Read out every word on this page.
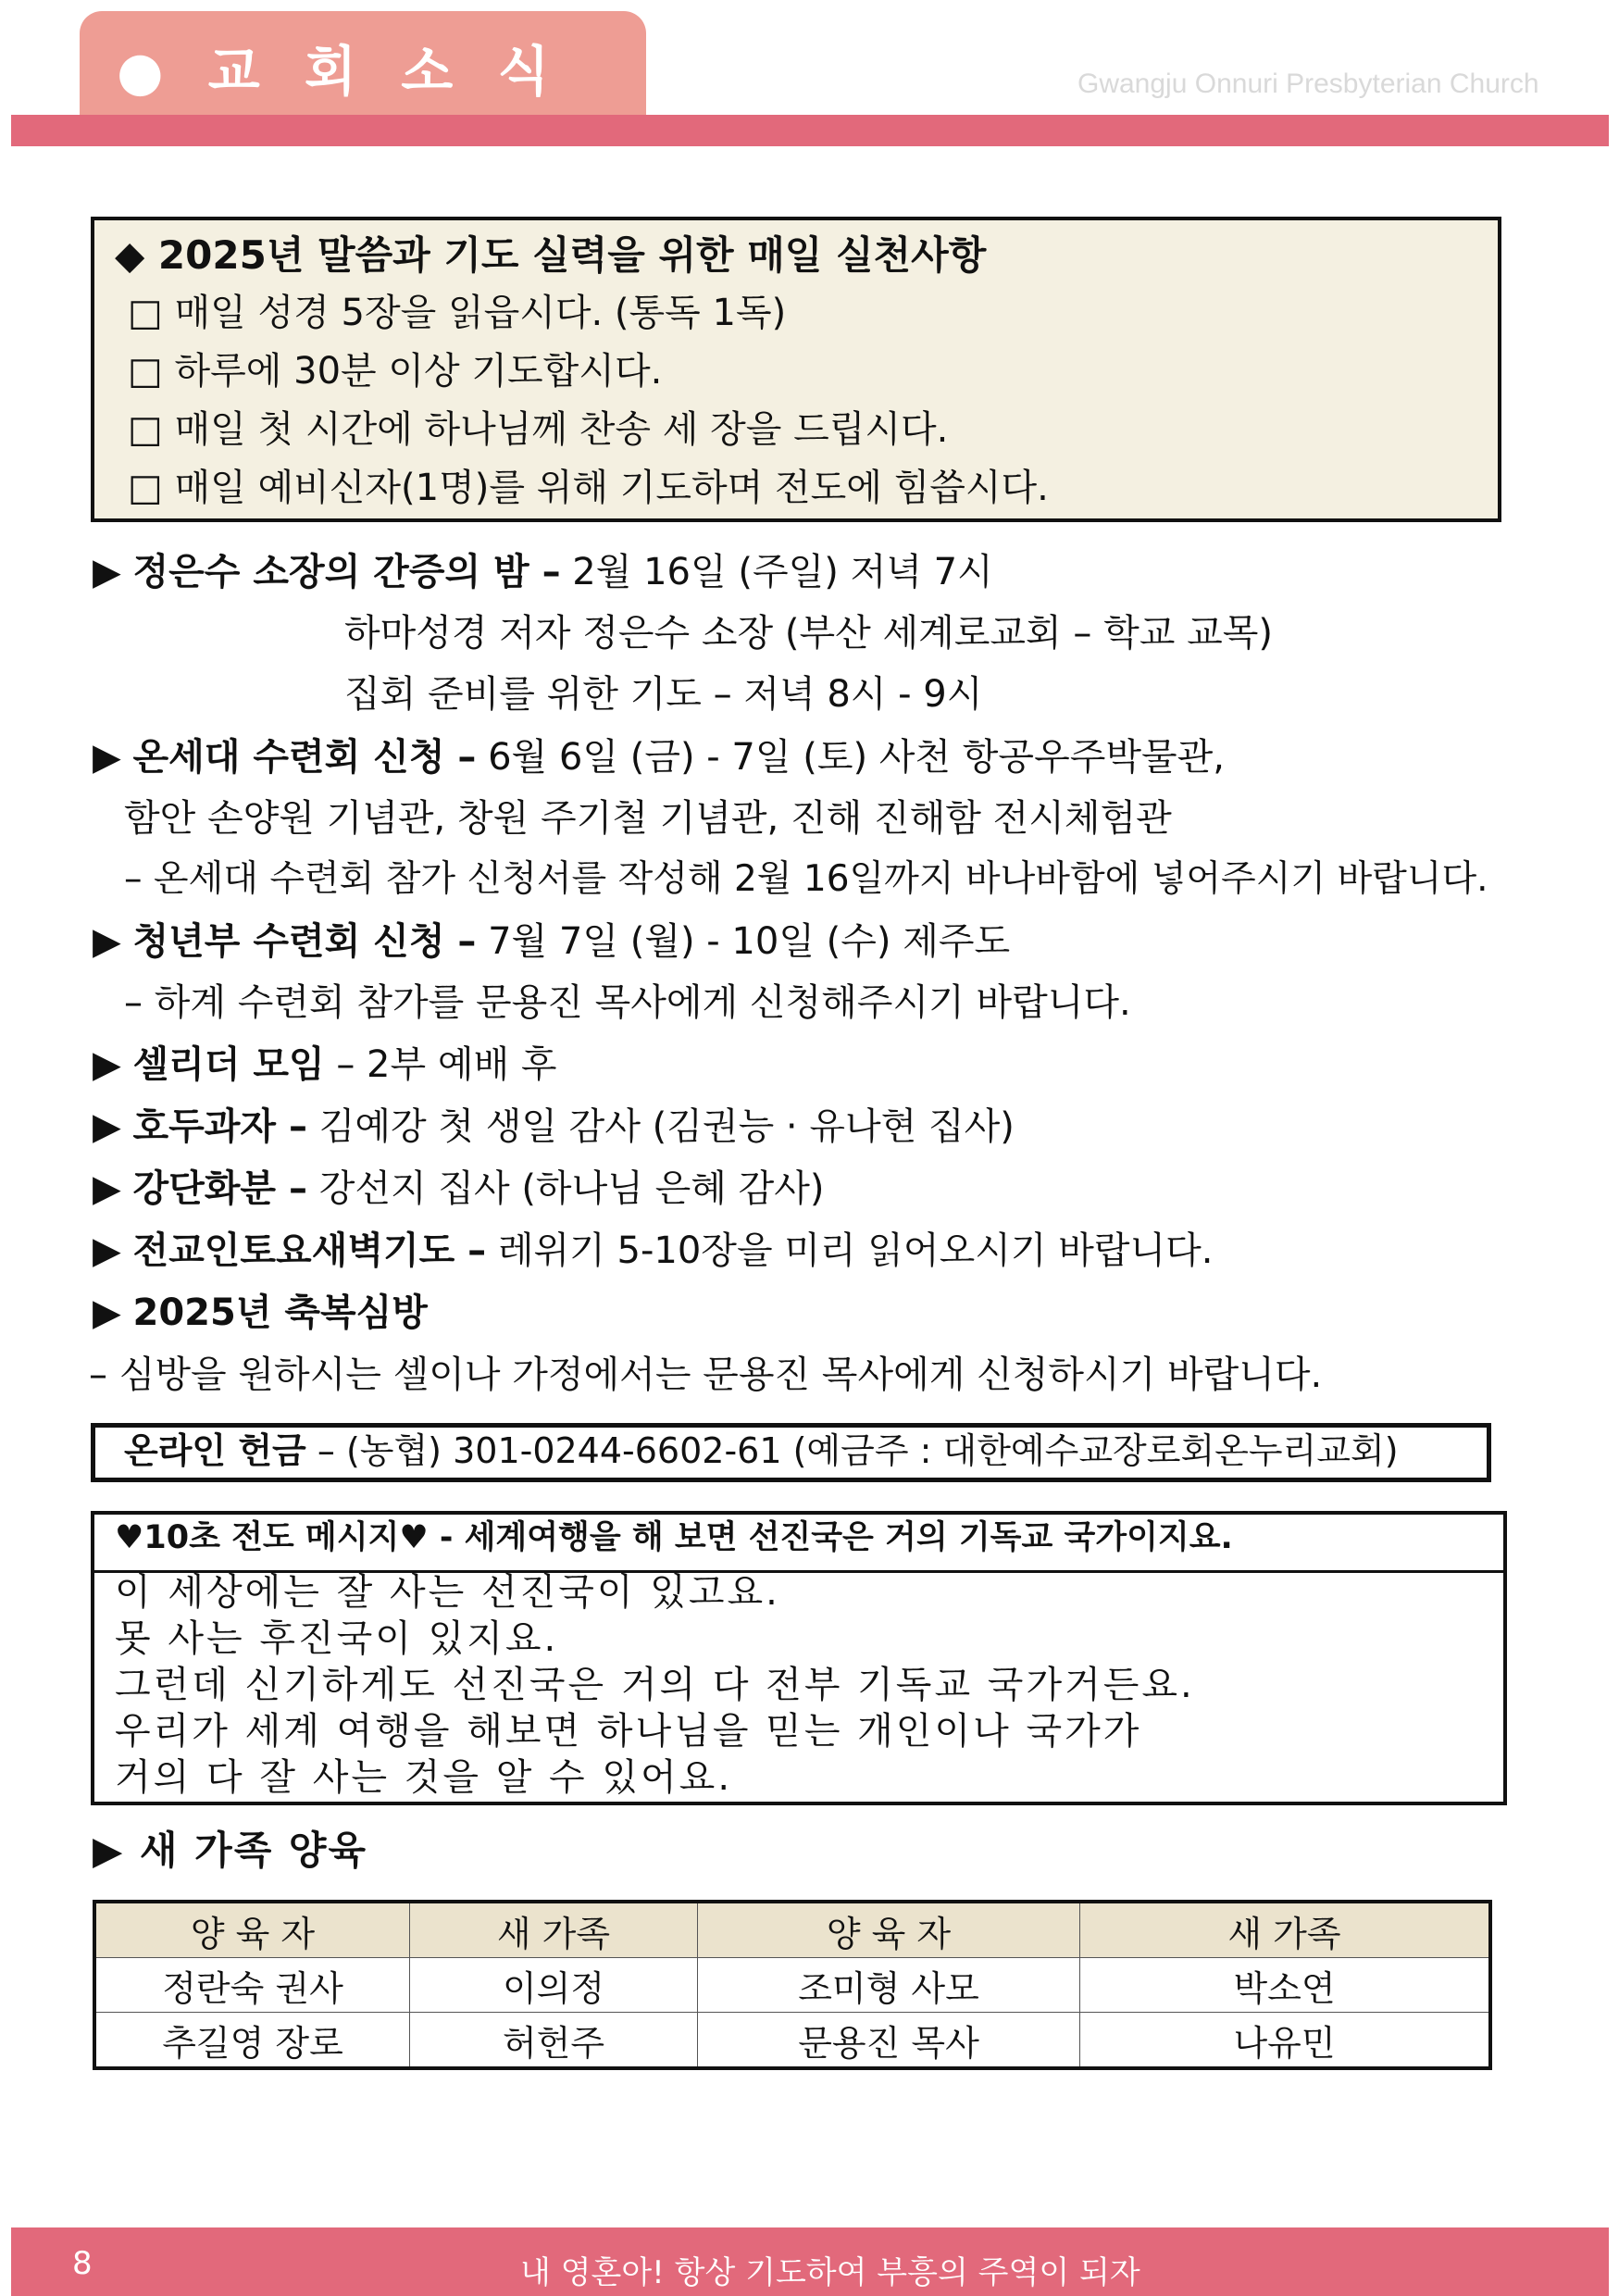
● 교 회 소 식	Gwangju Onnuri Presbyterian Church
◆ 2025년 말씀과 기도 실력을 위한 매일 실천사항
□ 매일 성경 5장을 읽읍시다. (통독 1독)
□ 하루에 30분 이상 기도합시다.
□ 매일 첫 시간에 하나님께 찬송 세 장을 드립시다.
□ 매일 예비신자(1명)를 위해 기도하며 전도에 힘씁시다.
▶ 정은수 소장의 간증의 밤 – 2월 16일 (주일) 저녁 7시
하마성경 저자 정은수 소장 (부산 세계로교회 – 학교 교목)
집회 준비를 위한 기도 – 저녁 8시 - 9시
▶ 온세대 수련회 신청 – 6월 6일 (금) - 7일 (토) 사천 항공우주박물관,
함안 손양원 기념관, 창원 주기철 기념관, 진해 진해함 전시체험관
– 온세대 수련회 참가 신청서를 작성해 2월 16일까지 바나바함에 넣어주시기 바랍니다.
▶ 청년부 수련회 신청 – 7월 7일 (월) - 10일 (수) 제주도
– 하계 수련회 참가를 문용진 목사에게 신청해주시기 바랍니다.
▶ 셀리더 모임 – 2부 예배 후
▶ 호두과자 – 김예강 첫 생일 감사 (김권능 · 유나현 집사)
▶ 강단화분 – 강선지 집사 (하나님 은혜 감사)
▶ 전교인토요새벽기도 – 레위기 5-10장을 미리 읽어오시기 바랍니다.
▶ 2025년 축복심방
– 심방을 원하시는 셀이나 가정에서는 문용진 목사에게 신청하시기 바랍니다.
온라인 헌금 – (농협) 301-0244-6602-61 (예금주 : 대한예수교장로회온누리교회)
♥10초 전도 메시지♥ - 세계여행을 해 보면 선진국은 거의 기독교 국가이지요.
이 세상에는 잘 사는 선진국이 있고요.
못 사는 후진국이 있지요.
그런데 신기하게도 선진국은 거의 다 전부 기독교 국가거든요.
우리가 세계 여행을 해보면 하나님을 믿는 개인이나 국가가
거의 다 잘 사는 것을 알 수 있어요.
▶ 새 가족 양육
양 육 자	새 가족	양 육 자	새 가족
정란숙 권사	이의정	조미형 사모	박소연
추길영 장로	허헌주	문용진 목사	나유민
8	내 영혼아! 항상 기도하여 부흥의 주역이 되자
